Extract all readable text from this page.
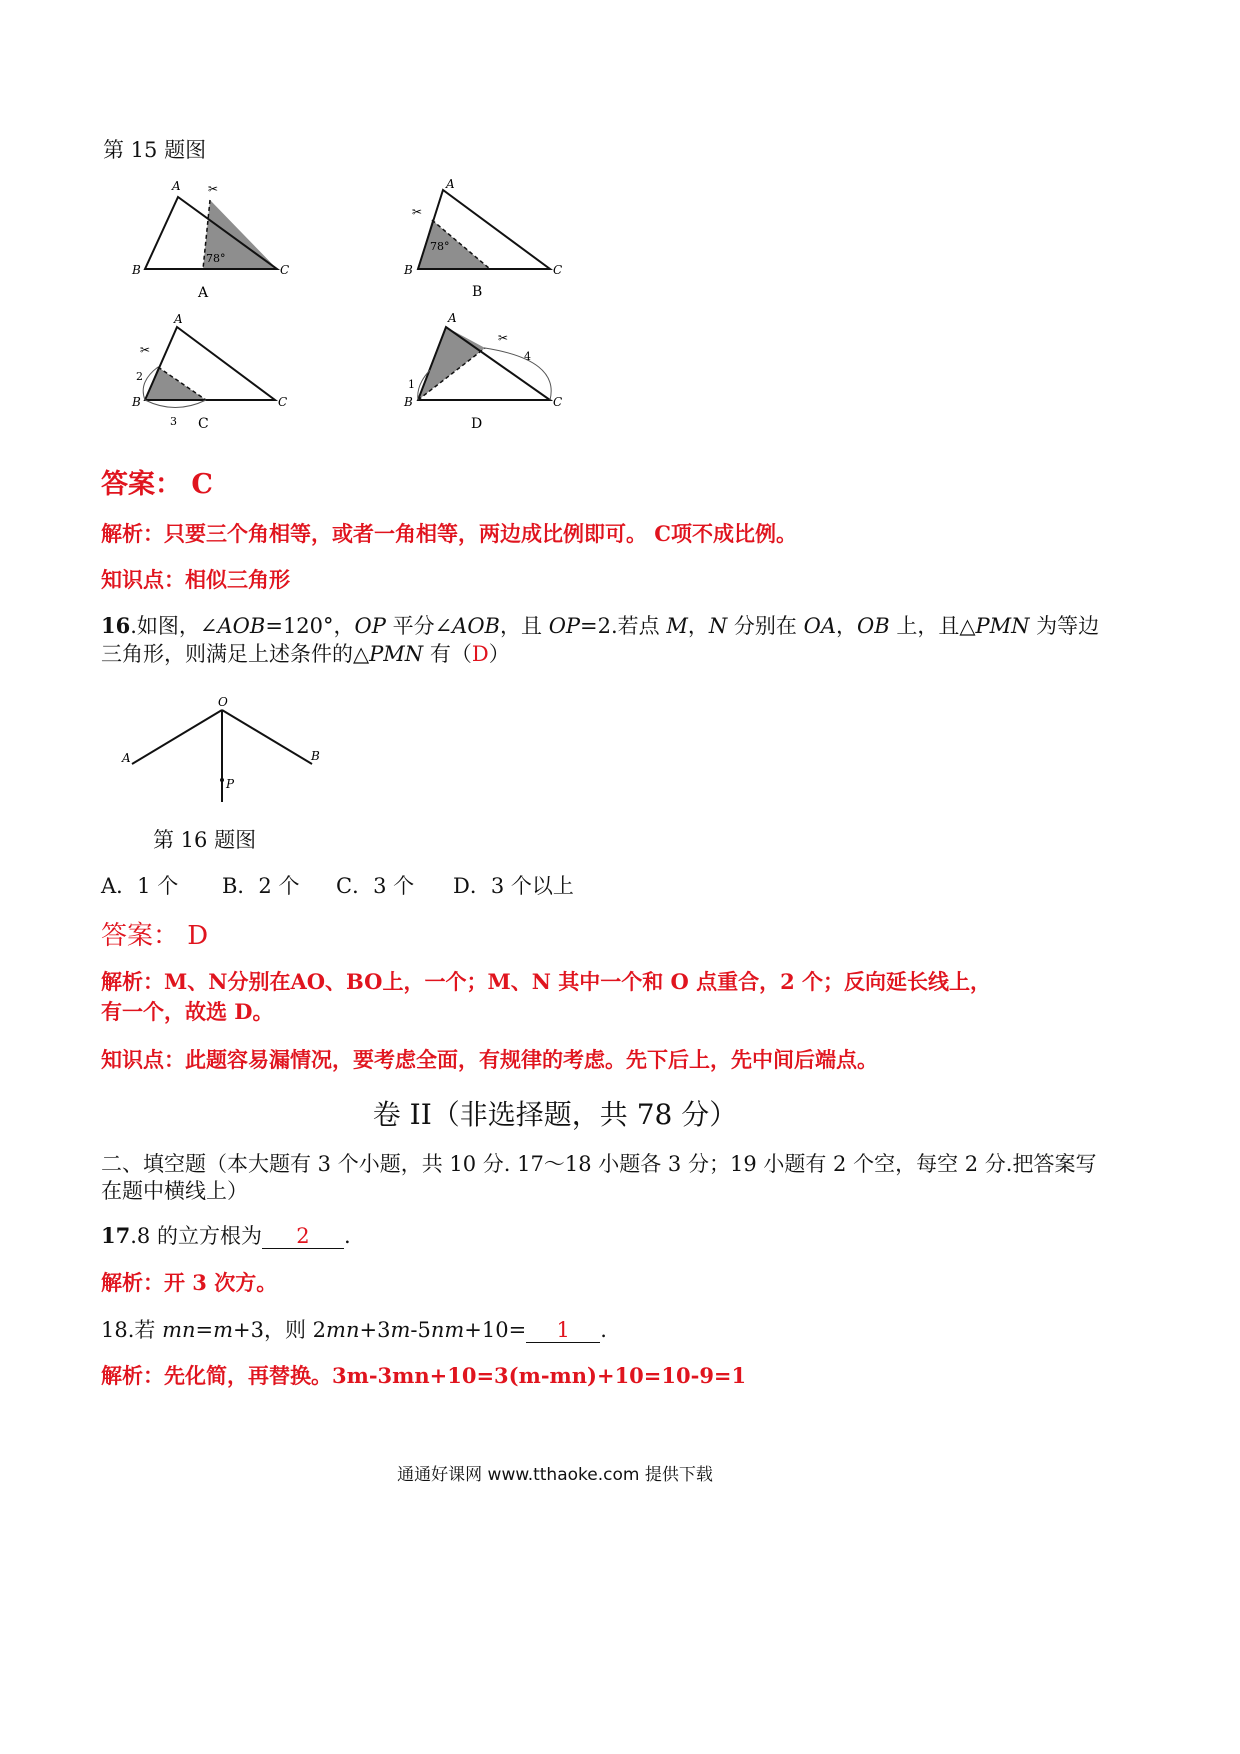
第 15 题图
A
B	C
78°
✂
A
A
B	C
78°
✂
B
A
B	C
2
3
✂
C
A
B	C
1
4
✂
D
答案： C
解析：只要三个角相等，或者一角相等，两边成比例即可。 C项不成比例。
知识点：相似三角形
16.如图，∠AOB=120°，OP 平分∠AOB，且 OP=2.若点 M，N 分别在 OA，OB 上，且△PMN 为等边
三角形，则满足上述条件的△PMN 有（D）
O
A	B
P
第 16 题图
A．1 个 B．2 个 C．3 个 D．3 个以上
答案： D
解析：M、N分别在AO、BO上，一个；M、N 其中一个和 O 点重合，2 个；反向延长线上，
有一个，故选 D。
知识点：此题容易漏情况，要考虑全面，有规律的考虑。先下后上，先中间后端点。
卷 II（非选择题，共 78 分）
二、填空题（本大题有 3 个小题，共 10 分. 17～18 小题各 3 分；19 小题有 2 个空，每空 2 分.把答案写
在题中横线上）
17.8 的立方根为 2 .
解析：开 3 次方。
18.若 mn=m+3，则 2mn+3m-5nm+10= 1 .
解析：先化简，再替换。3m-3mn+10=3(m-mn)+10=10-9=1
通通好课网 www.tthaoke.com 提供下载
